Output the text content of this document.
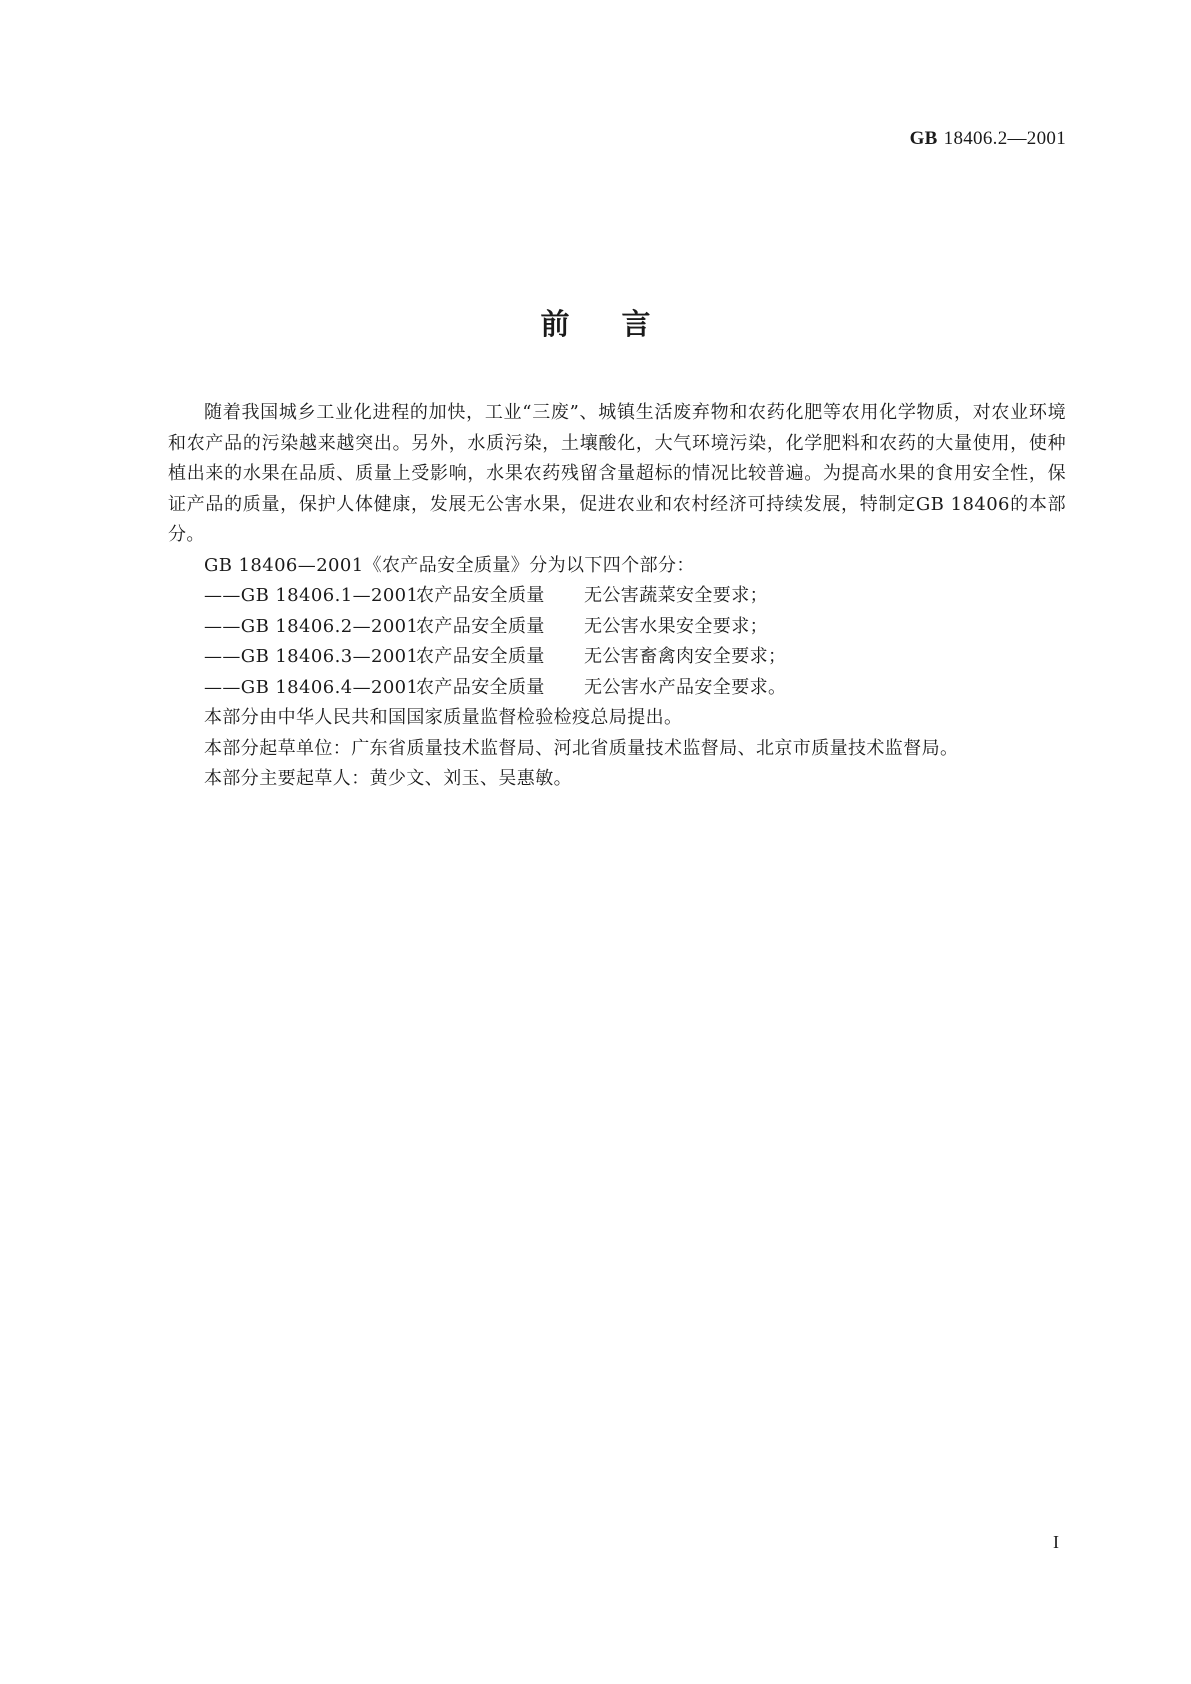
GB 18406.2—2001
前言

随着我国城乡工业化进程的加快，工业“三废”、城镇生活废弃物和农药化肥等农用化学物质，对农业环境和农产品的污染越来越突出。另外，水质污染，土壤酸化，大气环境污染，化学肥料和农药的大量使用，使种植出来的水果在品质、质量上受影响，水果农药残留含量超标的情况比较普遍。为提高水果的食用安全性，保证产品的质量，保护人体健康，发展无公害水果，促进农业和农村经济可持续发展，特制定GB 18406的本部分。

GB 18406—2001《农产品安全质量》分为以下四个部分：

——GB 18406.1—2001
农产品安全质量	无公害蔬菜安全要求；
——GB 18406.2—2001
农产品安全质量	无公害水果安全要求；
——GB 18406.3—2001
农产品安全质量	无公害畜禽肉安全要求；
——GB 18406.4—2001
农产品安全质量	无公害水产品安全要求。

本部分由中华人民共和国国家质量监督检验检疫总局提出。

本部分起草单位：广东省质量技术监督局、河北省质量技术监督局、北京市质量技术监督局。

本部分主要起草人：黄少文、刘玉、吴惠敏。

I
